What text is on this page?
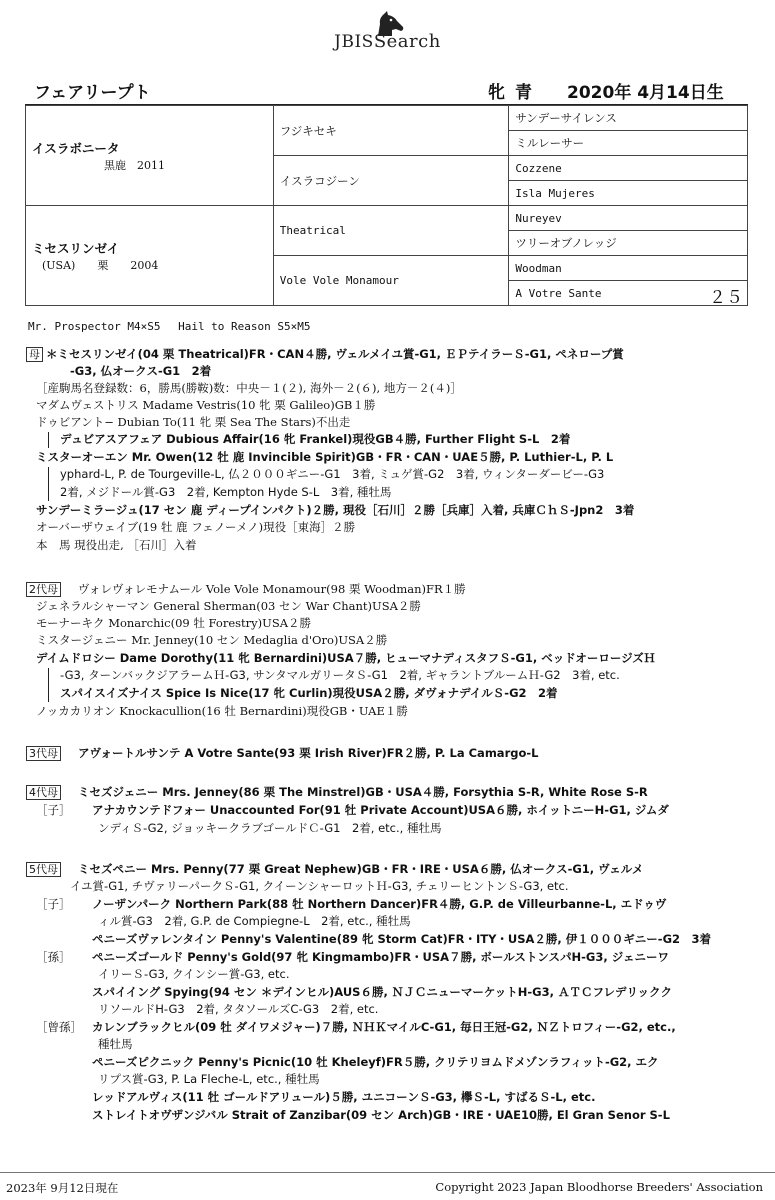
JBISSearch
フェアリープト	牝 青 2020年 4月14日生
イスラボニータ
黒鹿　2011	フジキセキ	サンデーサイレンス
		ミルレーサー
	イスラコジーン	Cozzene
		Isla Mujeres

ミセスリンゼイ
(USA)　　栗　　2004	Theatrical	Nureyev
		ツリーオブノレッジ
	Vole Vole Monamour	Woodman
		A Votre Sante ２５
Mr. Prospector M4×S5　 Hail to Reason S5×M5
母 ＊ミセスリンゼイ(04 栗 Theatrical)FR・CAN４勝, ヴェルメイユ賞-G1, ＥＰテイラーＳ-G1, ペネロープ賞
-G3, 仏オークス-G1　2着
［産駒馬名登録数：6，勝馬(勝鞍)数：中央－１(２), 海外－２(６), 地方－２(４)］
マダムヴェストリス Madame Vestris(10 牝 栗 Galileo)GB１勝
ドゥビアント− Dubian To(11 牝 栗 Sea The Stars)不出走
デュビアスアフェア Dubious Affair(16 牝 Frankel)現役GB４勝, Further Flight S-L　2着
ミスターオーエン Mr. Owen(12 牡 鹿 Invincible Spirit)GB・FR・CAN・UAE５勝, P. Luthier-L, P. L
yphard-L, P. de Tourgeville-L, 仏２０００ギニー-G1　3着, ミュゲ賞-G2　3着, ウィンターダービー-G3
2着, メジドール賞-G3　2着, Kempton Hyde S-L　3着, 種牡馬
サンデーミラージュ(17 セン 鹿 ディープインパクト)２勝, 現役［石川］２勝［兵庫］入着, 兵庫ＣｈＳ-Jpn2　3着
オーバーザウェイブ(19 牡 鹿 フェノーメノ)現役［東海］２勝
本　馬 現役出走, ［石川］入着
2代母 ヴォレヴォレモナムール Vole Vole Monamour(98 栗 Woodman)FR１勝
ジェネラルシャーマン General Sherman(03 セン War Chant)USA２勝
モーナーキク Monarchic(09 牡 Forestry)USA２勝
ミスタージェニー Mr. Jenney(10 セン Medaglia d'Oro)USA２勝
デイムドロシー Dame Dorothy(11 牝 Bernardini)USA７勝, ヒューマナディスタフＳ-G1, ベッドオーロージズＨ
-G3, ターンバックジアラームＨ-G3, サンタマルガリータＳ-G1　2着, ギャラントブルームＨ-G2　3着, etc.
スパイスイズナイス Spice Is Nice(17 牝 Curlin)現役USA２勝, ダヴォナデイルＳ-G2　2着
ノッカカリオン Knockacullion(16 牡 Bernardini)現役GB・UAE１勝
3代母 アヴォートルサンテ A Votre Sante(93 栗 Irish River)FR２勝, P. La Camargo-L
4代母 ミセズジェニー Mrs. Jenney(86 栗 The Minstrel)GB・USA４勝, Forsythia S-R, White Rose S-R
［子］ アナカウンテドフォー Unaccounted For(91 牡 Private Account)USA６勝, ホイットニーH-G1, ジムダ
ンディＳ-G2, ジョッキークラブゴールドＣ-G1　2着, etc., 種牡馬
5代母 ミセズペニー Mrs. Penny(77 栗 Great Nephew)GB・FR・IRE・USA６勝, 仏オークス-G1, ヴェルメ
イユ賞-G1, チヴァリーパークＳ-G1, クイーンシャーロットＨ-G3, チェリーヒントンＳ-G3, etc.
［子］ ノーザンパーク Northern Park(88 牡 Northern Dancer)FR４勝, G.P. de Villeurbanne-L, エドゥヴ
ィル賞-G3　2着, G.P. de Compiegne-L　2着, etc., 種牡馬
ペニーズヴァレンタイン Penny's Valentine(89 牝 Storm Cat)FR・ITY・USA２勝, 伊１０００ギニー-G2　3着
［孫］ ペニーズゴールド Penny's Gold(97 牝 Kingmambo)FR・USA７勝, ボールストンスパH-G3, ジェニーワ
イリーＳ-G3, クインシー賞-G3, etc.
スパイイング Spying(94 セン ＊デインヒル)AUS６勝, ＮＪＣニューマーケットH-G3, ＡＴＣフレデリックク
リソールドH-G3　2着, タタソールズC-G3　2着, etc.
［曾孫］ カレンブラックヒル(09 牡 ダイワメジャー)７勝, ＮＨＫマイルC-G1, 毎日王冠-G2, ＮＺトロフィー-G2, etc.,
種牡馬
ペニーズピクニック Penny's Picnic(10 牡 Kheleyf)FR５勝, クリテリヨムドメゾンラフィット-G2, エク
リプス賞-G3, P. La Fleche-L, etc., 種牡馬
レッドアルヴィス(11 牡 ゴールドアリュール)５勝, ユニコーンＳ-G3, 欅Ｓ-L, すばるＳ-L, etc.
ストレイトオヴザンジバル Strait of Zanzibar(09 セン Arch)GB・IRE・UAE10勝, El Gran Senor S-L
2023年 9月12日現在	Copyright 2023 Japan Bloodhorse Breeders' Association
